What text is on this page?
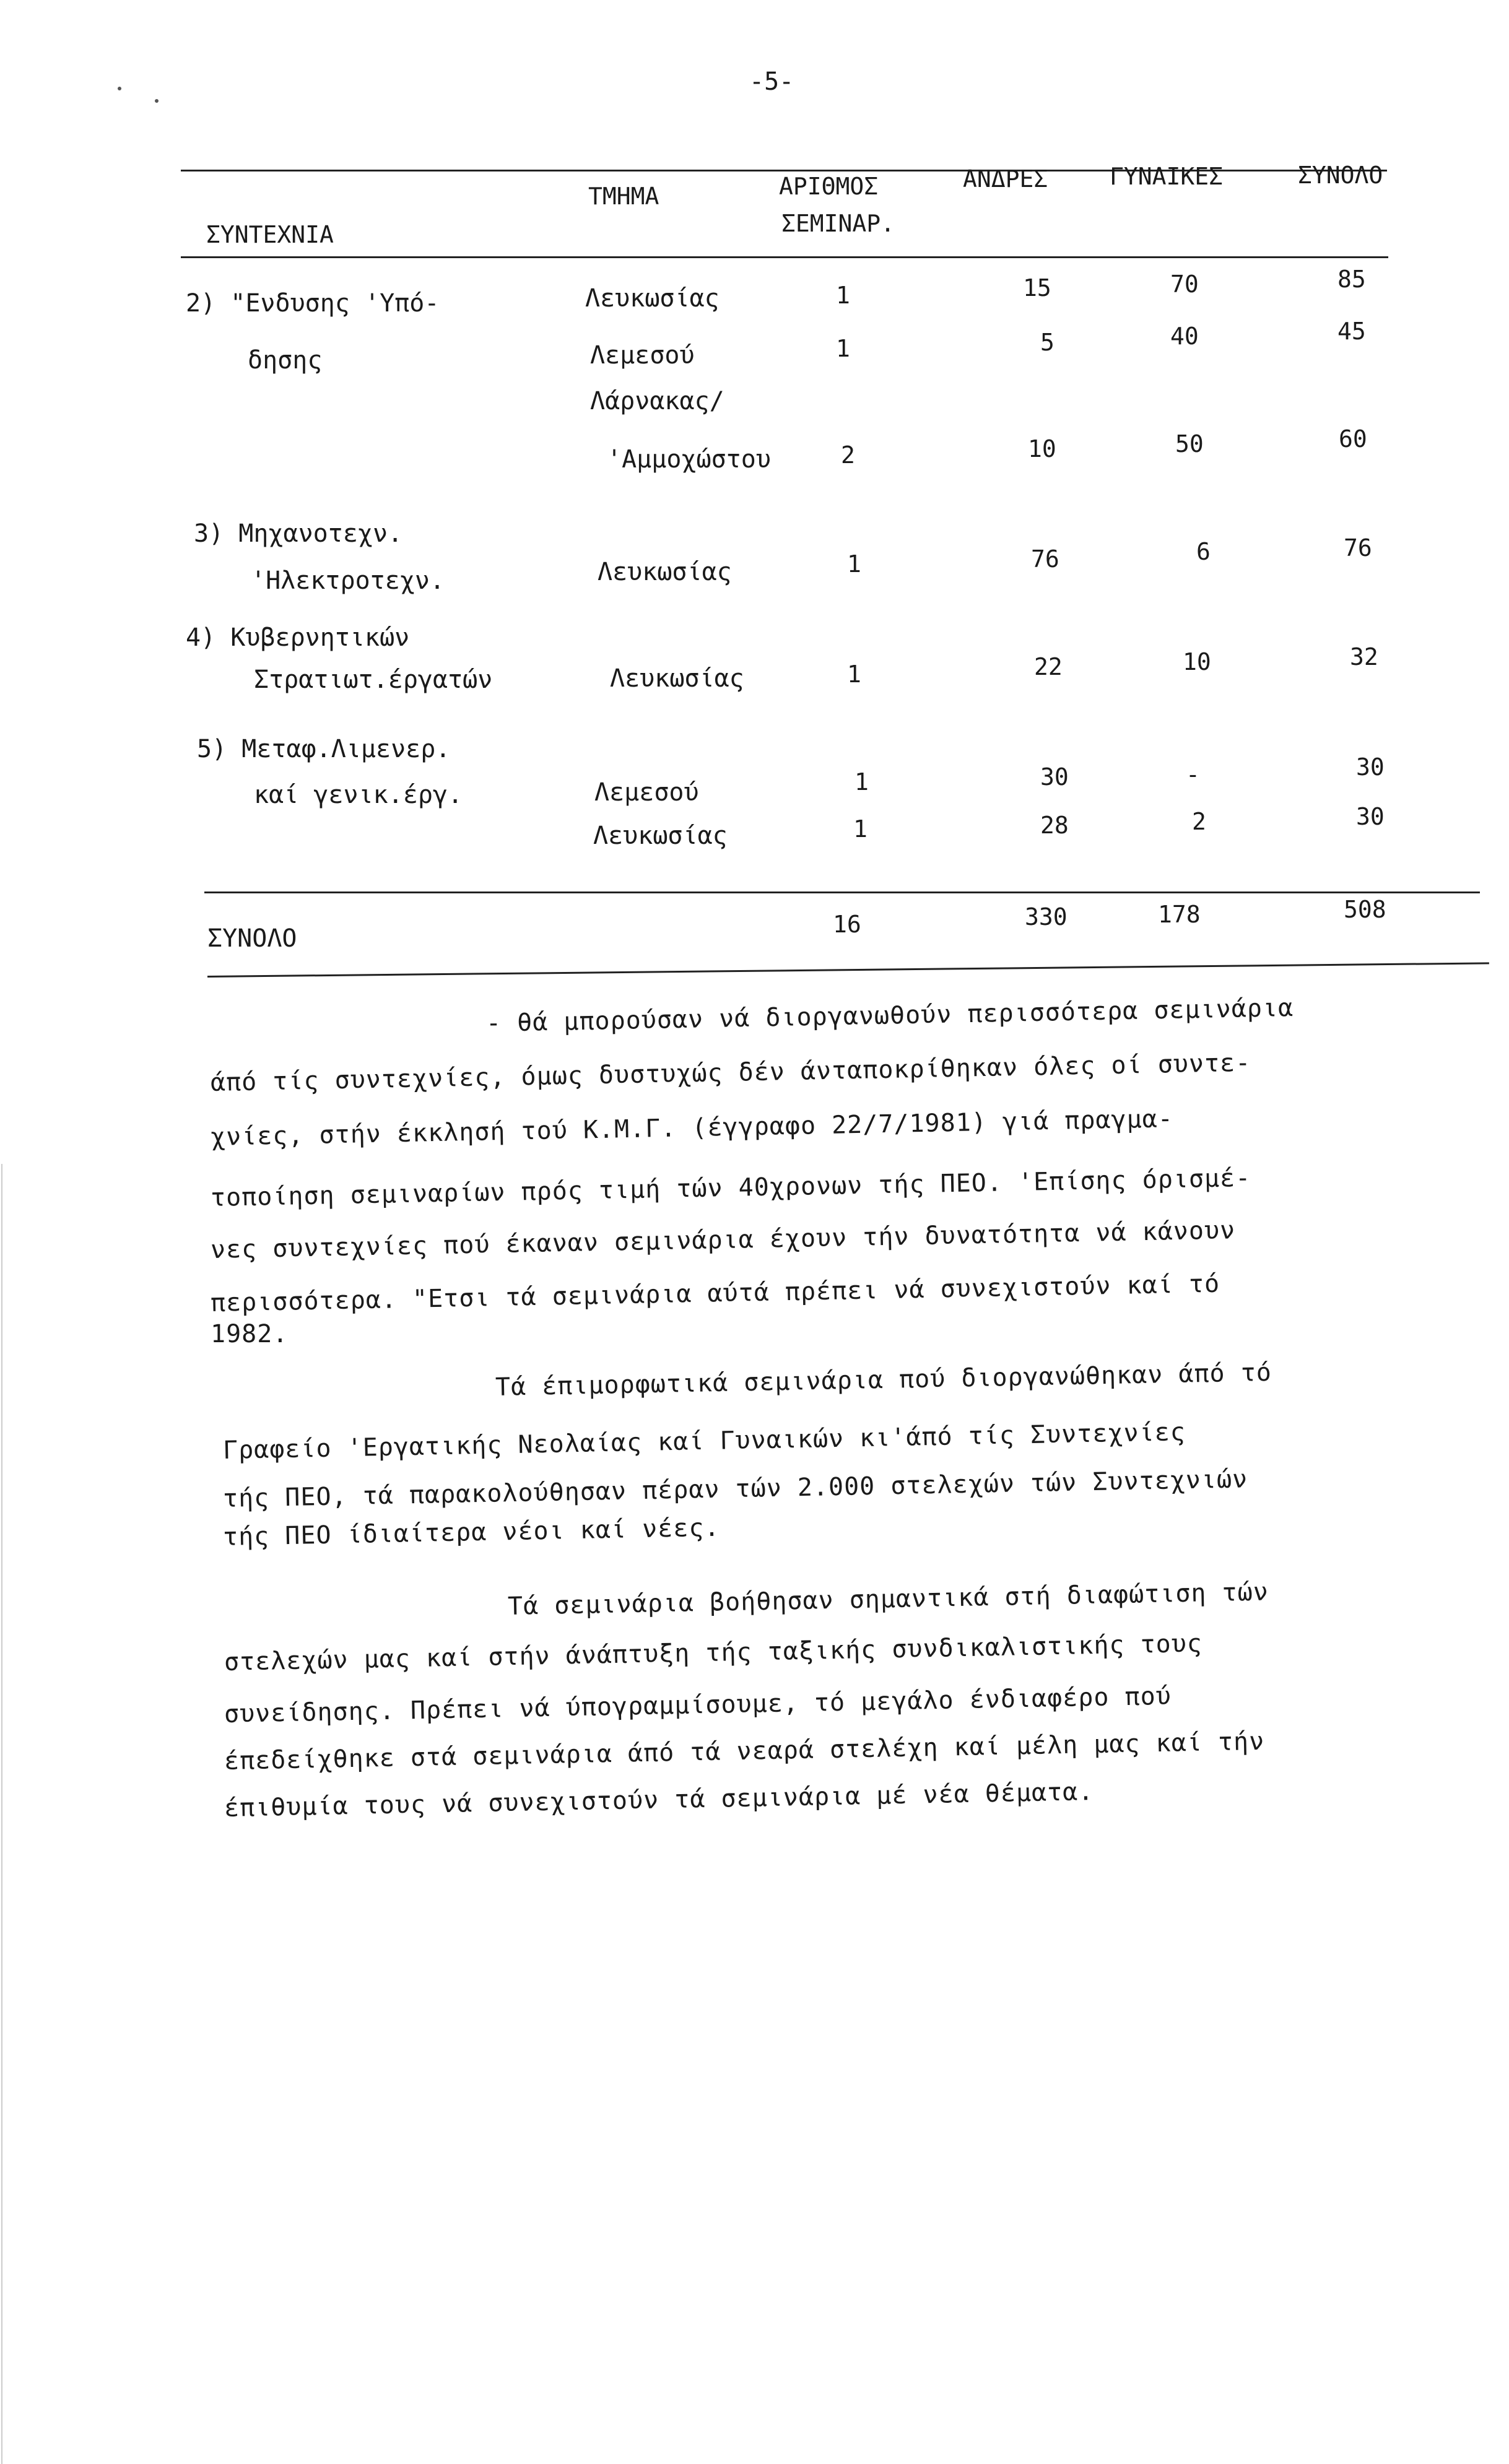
-5-
ΤΜΗΜΑ	ΑΡΙΘΜΟΣ
ΣΕΜΙΝΑΡ.
ΑΝΔΡΕΣ	ΓΥΝΑΙΚΕΣ	ΣΥΝΟΛΟ
ΣΥΝΤΕΧΝΙΑ
2) "Ενδυσης 'Υπό-	Λευκωσίας	1	15	70	85
δησης	Λεμεσού	1	5	40	45
Λάρνακας/
'Αμμοχώστου	2	10	50	60
3) Μηχανοτεχν.
'Ηλεκτροτεχν.	Λευκωσίας	1	76	6	76
4) Κυβερνητικών
Στρατιωτ.έργατών	Λευκωσίας	1	22	10	32
5) Μεταφ.Λιμενερ.
καί γενικ.έργ.	Λεμεσού	1	30	-	30
Λευκωσίας	1	28	2	30
ΣΥΝΟΛΟ	16	330	178	508
- θά μπορούσαν νά διοργανωθούν περισσότερα σεμινάρια
άπό τίς συντεχνίες, όμως δυστυχώς δέν άνταποκρίθηκαν όλες οί συντε-
χνίες, στήν έκκλησή τού Κ.Μ.Γ. (έγγραφο 22/7/1981) γιά πραγμα-
τοποίηση σεμιναρίων πρός τιμή τών 40χρονων τής ΠΕΟ. 'Επίσης όρισμέ-
νες συντεχνίες πού έκαναν σεμινάρια έχουν τήν δυνατότητα νά κάνουν
περισσότερα. "Ετσι τά σεμινάρια αύτά πρέπει νά συνεχιστούν καί τό
1982.
Τά έπιμορφωτικά σεμινάρια πού διοργανώθηκαν άπό τό
Γραφείο 'Εργατικής Νεολαίας καί Γυναικών κι'άπό τίς Συντεχνίες
τής ΠΕΟ, τά παρακολούθησαν πέραν τών 2.000 στελεχών τών Συντεχνιών
τής ΠΕΟ ίδιαίτερα νέοι καί νέες.
Τά σεμινάρια βοήθησαν σημαντικά στή διαφώτιση τών
στελεχών μας καί στήν άνάπτυξη τής ταξικής συνδικαλιστικής τους
συνείδησης. Πρέπει νά ύπογραμμίσουμε, τό μεγάλο ένδιαφέρο πού
έπεδείχθηκε στά σεμινάρια άπό τά νεαρά στελέχη καί μέλη μας καί τήν
έπιθυμία τους νά συνεχιστούν τά σεμινάρια μέ νέα θέματα.
